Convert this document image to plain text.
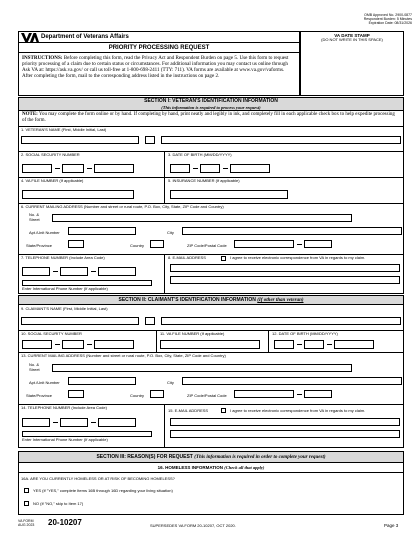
OMB Approved No. 2900-0877
Respondent Burden: 5 Minutes
Expiration Date: 08/31/2026
Department of Veterans Affairs
PRIORITY PROCESSING REQUEST
VA DATE STAMP
(DO NOT WRITE IN THIS SPACE)
INSTRUCTIONS: Before completing this form, read the Privacy Act and Respondent Burden on page 5. Use this form to request priority processing of a claim due to certain status or circumstances. For additional information you may contact us online through Ask VA at: https://ask.va.gov/ or call us toll-free at 1-800-698-2411 (TTY: 711). VA forms are available at www.va.gov/vaforms. After completing the form, mail to the corresponding address listed in the instructions on page 2.
SECTION I: VETERAN'S IDENTIFICATION INFORMATION
(This information is required to process your request)
NOTE: You may complete the form online or by hand. If completing by hand, print neatly and legibly in ink, and completely fill in each applicable check box to help expedite processing of the form.
1. VETERAN'S NAME (First, Middle Initial, Last)
2. SOCIAL SECURITY NUMBER	3. DATE OF BIRTH (MM/DD/YYYY)
4. VA FILE NUMBER (If applicable)	5. INSURANCE NUMBER (If applicable)
6. CURRENT MAILING ADDRESS (Number and street or rural route, P.O. Box, City, State, ZIP Code and Country)
No. &
Street
Apt./Unit Number	City
State/Province	Country	ZIP Code/Postal Code
7. TELEPHONE NUMBER (Include Area Code)
Enter International Phone Number (If applicable)
8. E-MAIL ADDRESS	I agree to receive electronic correspondence from VA in regards to my claim.
SECTION II: CLAIMANT'S IDENTIFICATION INFORMATION (If other than veteran)
9. CLAIMANT'S NAME (First, Middle Initial, Last)
10. SOCIAL SECURITY NUMBER	11. VA FILE NUMBER (If applicable)	12. DATE OF BIRTH (MM/DD/YYYY)
13. CURRENT MAILING ADDRESS (Number and street or rural route, P.O. Box, City, State, ZIP Code and Country)
No. &
Street
Apt./Unit Number	City
State/Province	Country	ZIP Code/Postal Code
14. TELEPHONE NUMBER (Include Area Code)
Enter International Phone Number (If applicable)
15. E-MAIL ADDRESS	I agree to receive electronic correspondence from VA in regards to my claim.
SECTION III: REASON(S) FOR REQUEST (This information is required in order to complete your request)
16. HOMELESS INFORMATION (Check all that apply)
16A. ARE YOU CURRENTLY HOMELESS OR AT RISK OF BECOMING HOMELESS?
YES (If "YES," complete Items 16B through 16D regarding your living situation)
NO (If "NO," skip to Item 17)
VA FORM
AUG 2023 20-10207	SUPERSEDES VA FORM 20-10207, OCT 2020.	Page 3
